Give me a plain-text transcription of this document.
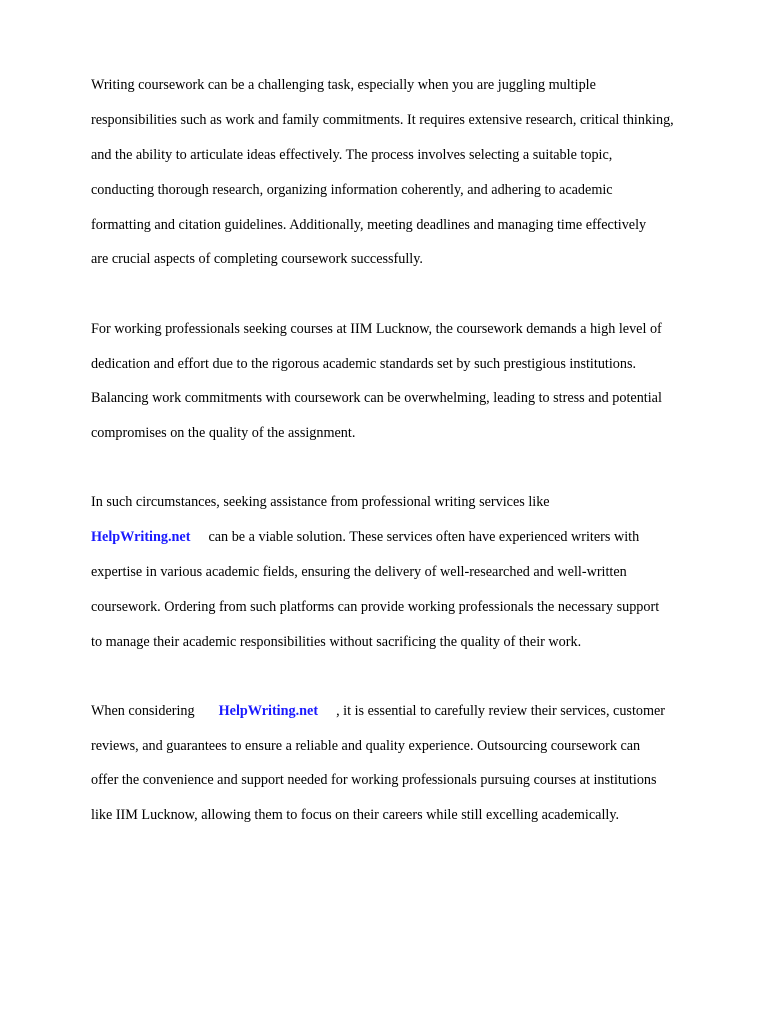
Writing coursework can be a challenging task, especially when you are juggling multiple

responsibilities such as work and family commitments. It requires extensive research, critical thinking,

and the ability to articulate ideas effectively. The process involves selecting a suitable topic,

conducting thorough research, organizing information coherently, and adhering to academic

formatting and citation guidelines. Additionally, meeting deadlines and managing time effectively

are crucial aspects of completing coursework successfully.

For working professionals seeking courses at IIM Lucknow, the coursework demands a high level of

dedication and effort due to the rigorous academic standards set by such prestigious institutions.

Balancing work commitments with coursework can be overwhelming, leading to stress and potential

compromises on the quality of the assignment.

In such circumstances, seeking assistance from professional writing services like

HelpWriting.net can be a viable solution. These services often have experienced writers with

expertise in various academic fields, ensuring the delivery of well-researched and well-written

coursework. Ordering from such platforms can provide working professionals the necessary support

to manage their academic responsibilities without sacrificing the quality of their work.

When considering HelpWriting.net , it is essential to carefully review their services, customer

reviews, and guarantees to ensure a reliable and quality experience. Outsourcing coursework can

offer the convenience and support needed for working professionals pursuing courses at institutions

like IIM Lucknow, allowing them to focus on their careers while still excelling academically.
